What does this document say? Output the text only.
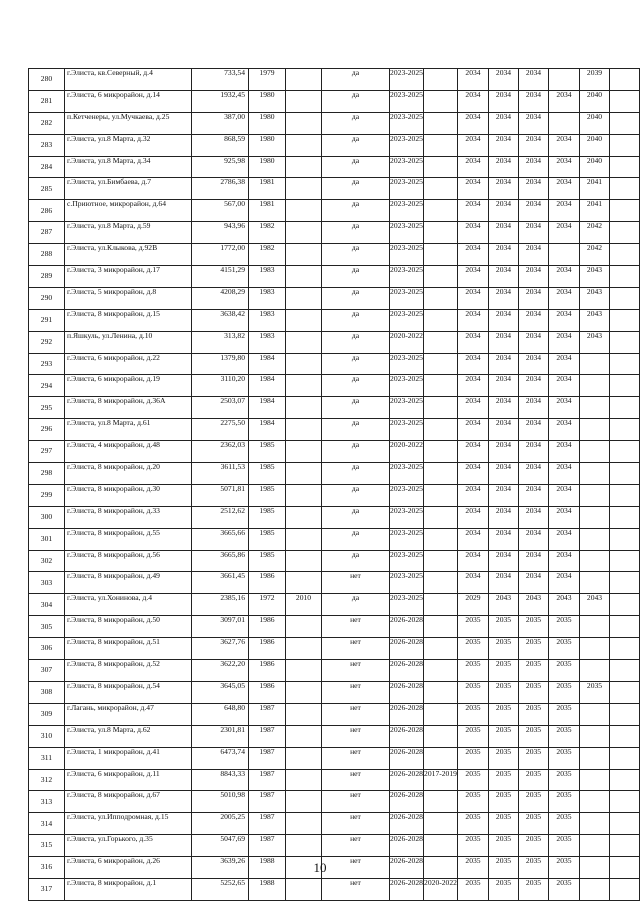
280	г.Элиста, кв.Северный, д.4	733,54	1979		да	2023-2025		2034	2034	2034		2039	
281	г.Элиста, 6 микрорайон, д.14	1932,45	1980		да	2023-2025		2034	2034	2034	2034	2040	
282	п.Кетченеры, ул.Мучкаева, д.25	387,00	1980		да	2023-2025		2034	2034	2034		2040	
283	г.Элиста, ул.8 Марта, д.32	868,59	1980		да	2023-2025		2034	2034	2034	2034	2040	
284	г.Элиста, ул.8 Марта, д.34	925,98	1980		да	2023-2025		2034	2034	2034	2034	2040	
285	г.Элиста, ул.Бимбаева, д.7	2786,38	1981		да	2023-2025		2034	2034	2034	2034	2041	
286	с.Приютное, микрорайон, д.64	567,00	1981		да	2023-2025		2034	2034	2034	2034	2041	
287	г.Элиста, ул.8 Марта, д.59	943,96	1982		да	2023-2025		2034	2034	2034	2034	2042	
288	г.Элиста, ул.Клыкова, д.92В	1772,00	1982		да	2023-2025		2034	2034	2034		2042	
289	г.Элиста, 3 микрорайон, д.17	4151,29	1983		да	2023-2025		2034	2034	2034	2034	2043	
290	г.Элиста, 5 микрорайон, д.8	4208,29	1983		да	2023-2025		2034	2034	2034	2034	2043	
291	г.Элиста, 8 микрорайон, д.15	3638,42	1983		да	2023-2025		2034	2034	2034	2034	2043	
292	п.Яшкуль, ул.Ленина, д.10	313,82	1983		да	2020-2022		2034	2034	2034	2034	2043	
293	г.Элиста, 6 микрорайон, д.22	1379,80	1984		да	2023-2025		2034	2034	2034	2034		
294	г.Элиста, 6 микрорайон, д.19	3110,20	1984		да	2023-2025		2034	2034	2034	2034		
295	г.Элиста, 8 микрорайон, д.36А	2503,07	1984		да	2023-2025		2034	2034	2034	2034		
296	г.Элиста, ул.8 Марта, д.61	2275,50	1984		да	2023-2025		2034	2034	2034	2034		
297	г.Элиста, 4 микрорайон, д.48	2362,03	1985		да	2020-2022		2034	2034	2034	2034		
298	г.Элиста, 8 микрорайон, д.20	3611,53	1985		да	2023-2025		2034	2034	2034	2034		
299	г.Элиста, 8 микрорайон, д.30	5071,81	1985		да	2023-2025		2034	2034	2034	2034		
300	г.Элиста, 8 микрорайон, д.33	2512,62	1985		да	2023-2025		2034	2034	2034	2034		
301	г.Элиста, 8 микрорайон, д.55	3665,66	1985		да	2023-2025		2034	2034	2034	2034		
302	г.Элиста, 8 микрорайон, д.56	3665,86	1985		да	2023-2025		2034	2034	2034	2034		
303	г.Элиста, 8 микрорайон, д.49	3661,45	1986		нет	2023-2025		2034	2034	2034	2034		
304	г.Элиста, ул.Хонинова, д.4	2385,16	1972	2010	да	2023-2025		2029	2043	2043	2043	2043	
305	г.Элиста, 8 микрорайон, д.50	3097,01	1986		нет	2026-2028		2035	2035	2035	2035		
306	г.Элиста, 8 микрорайон, д.51	3627,76	1986		нет	2026-2028		2035	2035	2035	2035		
307	г.Элиста, 8 микрорайон, д.52	3622,20	1986		нет	2026-2028		2035	2035	2035	2035		
308	г.Элиста, 8 микрорайон, д.54	3645,05	1986		нет	2026-2028		2035	2035	2035	2035	2035	
309	г.Лагань, микрорайон, д.47	648,80	1987		нет	2026-2028		2035	2035	2035	2035		
310	г.Элиста, ул.8 Марта, д.62	2301,81	1987		нет	2026-2028		2035	2035	2035	2035		
311	г.Элиста, 1 микрорайон, д.41	6473,74	1987		нет	2026-2028		2035	2035	2035	2035		
312	г.Элиста, 6 микрорайон, д.11	8843,33	1987		нет	2026-2028	2017-2019	2035	2035	2035	2035		
313	г.Элиста, 8 микрорайон, д.67	5010,98	1987		нет	2026-2028		2035	2035	2035	2035		
314	г.Элиста, ул.Ипподромная, д.15	2005,25	1987		нет	2026-2028		2035	2035	2035	2035		
315	г.Элиста, ул.Горького, д.35	5047,69	1987		нет	2026-2028		2035	2035	2035	2035		
316	г.Элиста, 6 микрорайон, д.26	3639,26	1988		нет	2026-2028		2035	2035	2035	2035		
317	г.Элиста, 8 микрорайон, д.1	5252,65	1988		нет	2026-2028	2020-2022	2035	2035	2035	2035		
10
